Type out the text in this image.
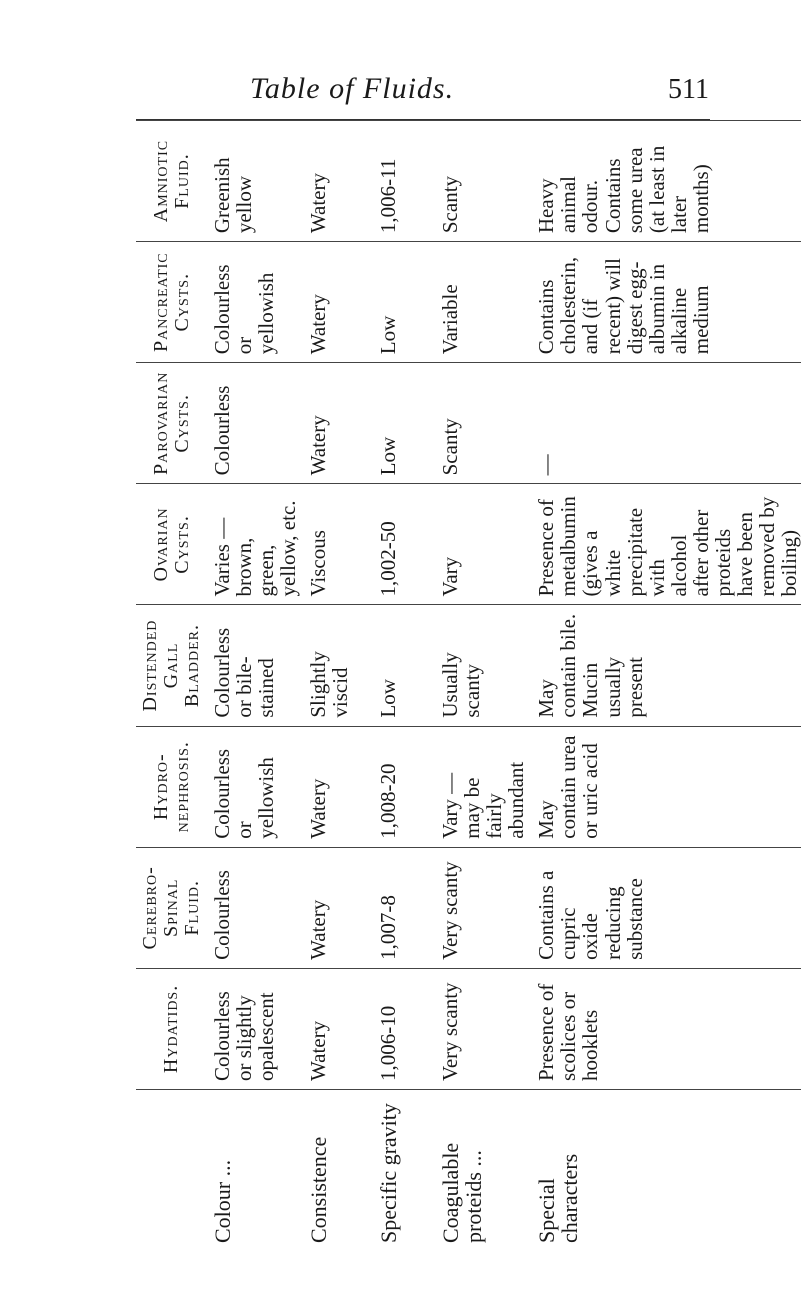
Table of Fluids.	511
	Hydatids.	Cerebro-Spinal Fluid.	Hydro-nephrosis.	Distended Gall Bladder.	Ovarian Cysts.	Parovarian Cysts.	Pancreatic Cysts.	Amniotic Fluid.
Colour ...	Colourless or slightly opalescent	Colourless	Colourless or yellowish	Colourless or bile-stained	Varies — brown, green, yellow, etc.	Colourless	Colourless or yellowish	Greenish yellow
Consistence	Watery	Watery	Watery	Slightly viscid	Viscous	Watery	Watery	Watery
Specific gravity	1,006-10	1,007-8	1,008-20	Low	1,002-50	Low	Low	1,006-11
Coagulable proteids ...	Very scanty	Very scanty	Vary — may be fairly abundant	Usually scanty	Vary	Scanty	Variable	Scanty
Special characters	Presence of scolices or hooklets	Contains a cupric oxide reducing substance	May contain urea or uric acid	May contain bile. Mucin usually present	Presence of metalbumin (gives a white precipitate with alcohol after other proteids have been removed by boiling)	—	Contains cholesterin, and (if recent) will digest egg-albumin in alkaline medium	Heavy animal odour. Contains some urea (at least in later months)
